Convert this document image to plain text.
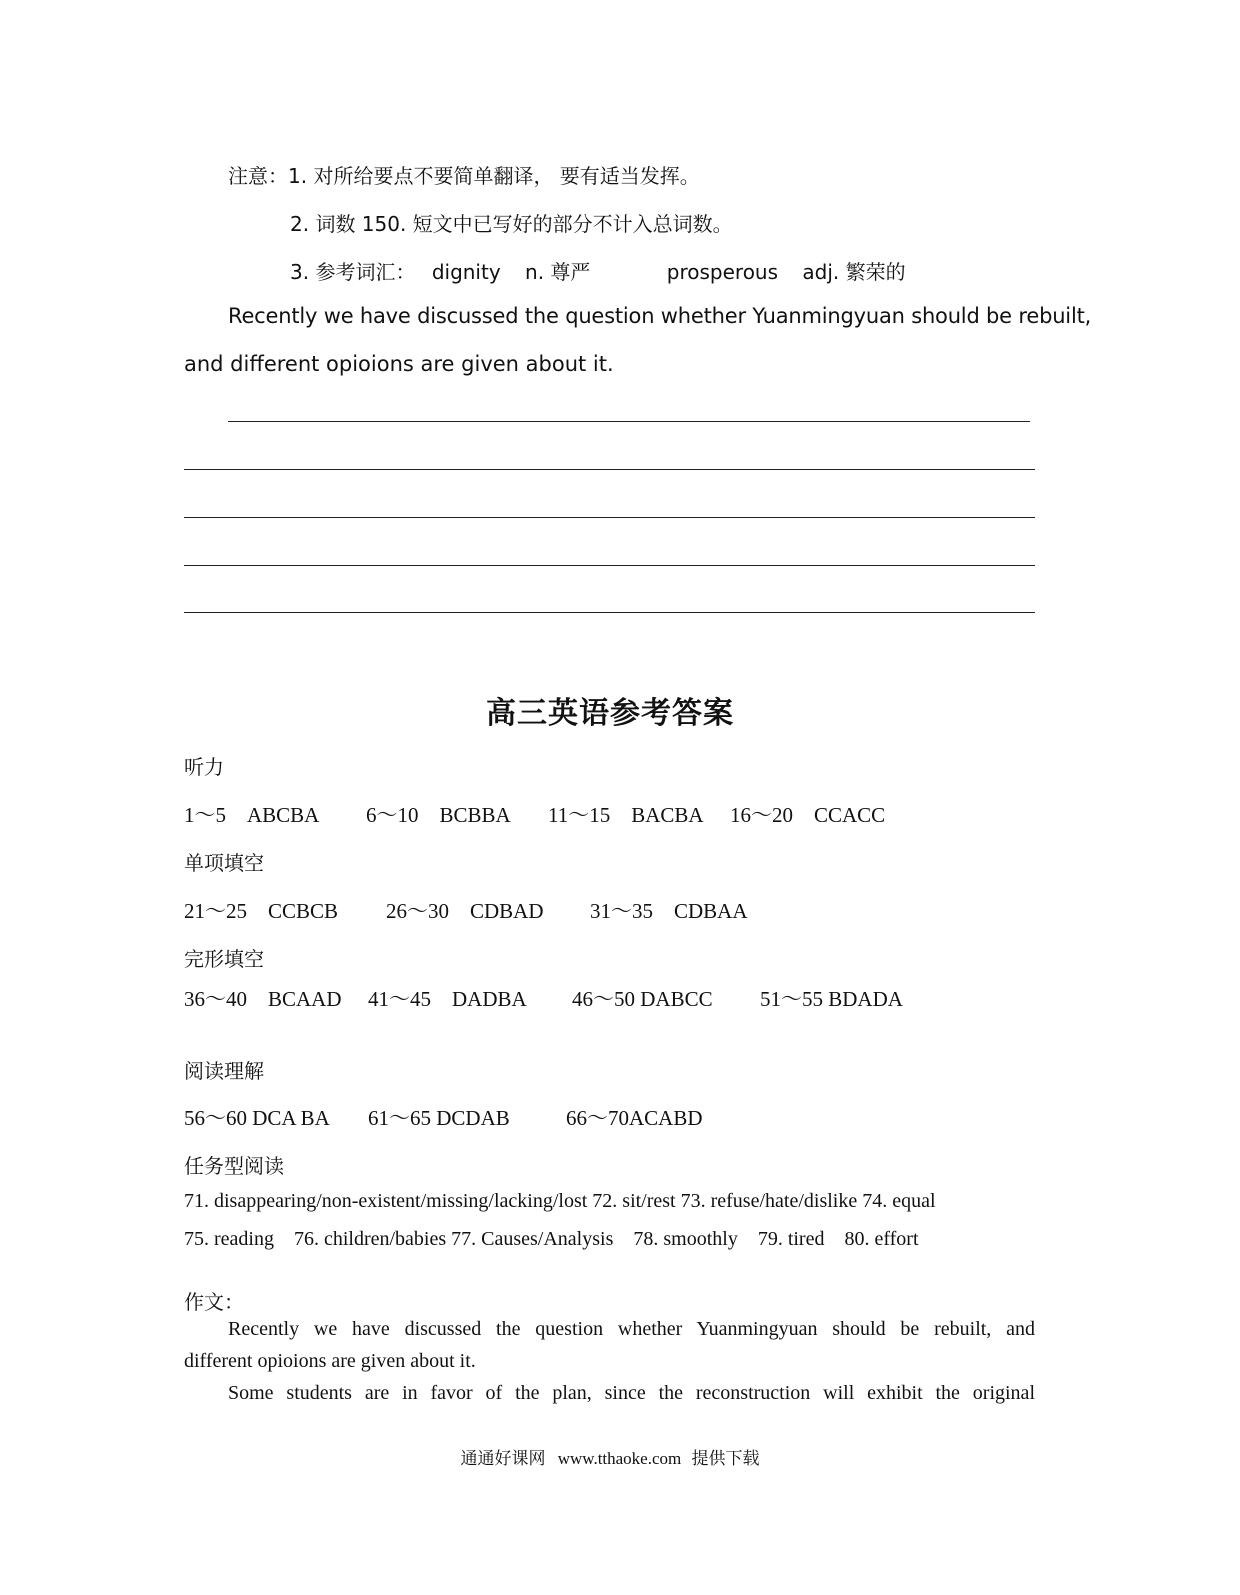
注意：1. 对所给要点不要简单翻译， 要有适当发挥。
2. 词数 150. 短文中已写好的部分不计入总词数。
3. 参考词汇： dignity n. 尊严	prosperous adj. 繁荣的
Recently we have discussed the question whether Yuanmingyuan should be rebuilt,
and different opioions are given about it.
高三英语参考答案
听力
1～5　ABCBA 6～10　BCBBA 11～15　BACBA 16～20　CCACC
单项填空
21～25　CCBCB 26～30　CDBAD 31～35　CDBAA
完形填空
36～40　BCAAD 41～45　DADBA 46～50 DABCC 51～55 BDADA
阅读理解
56～60 DCA BA 61～65 DCDAB	66～70ACABD
任务型阅读
71. disappearing/non-existent/missing/lacking/lost 72. sit/rest 73. refuse/hate/dislike 74. equal
75. reading　76. children/babies 77. Causes/Analysis　78. smoothly　79. tired　80. effort
作文：
Recently we have discussed the question whether Yuanmingyuan should be rebuilt, and
different opioions are given about it.
Some students are in favor of the plan, since the reconstruction will exhibit the original
通通好课网 www.tthaoke.com 提供下载
